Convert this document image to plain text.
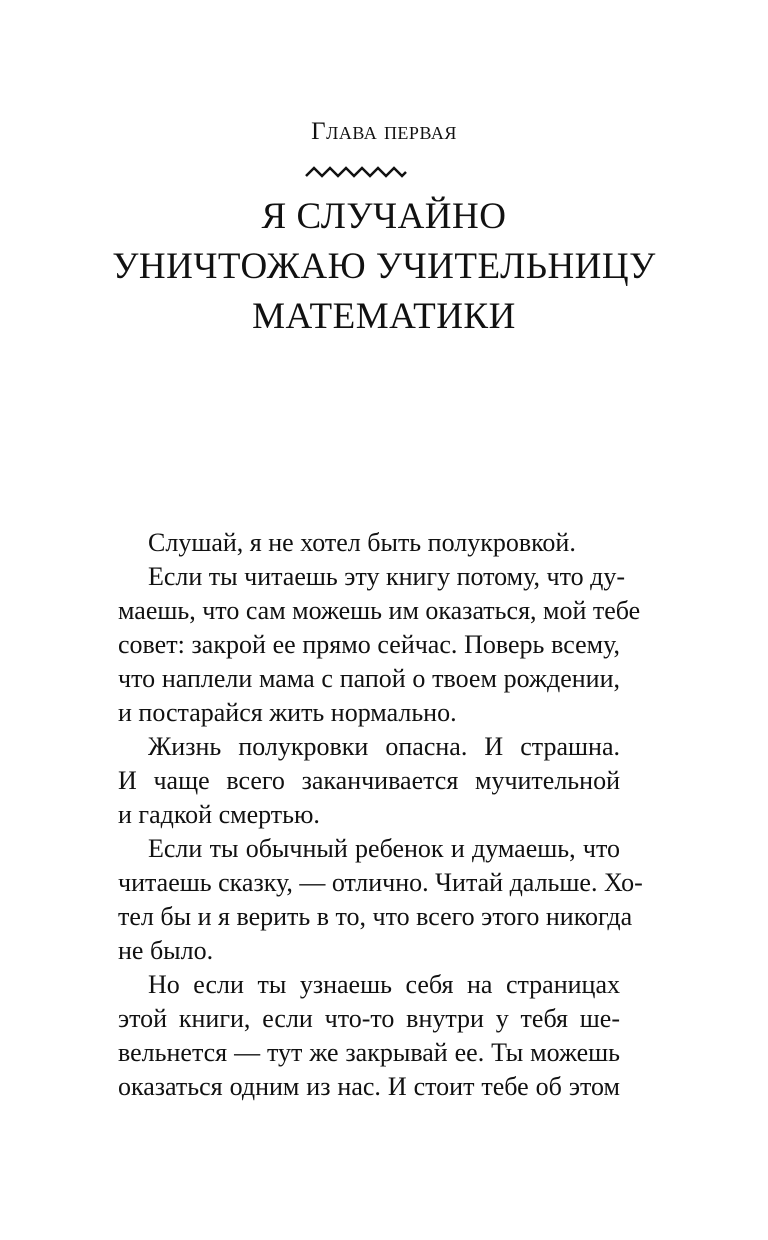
Глава первая
Я СЛУЧАЙНО
УНИЧТОЖАЮ УЧИТЕЛЬНИЦУ
МАТЕМАТИКИ
Слушай, я не хотел быть полукровкой.
Если ты читаешь эту книгу потому, что ду-
маешь, что сам можешь им оказаться, мой тебе
совет: закрой ее прямо сейчас. Поверь всему,
что наплели мама с папой о твоем рождении,
и постарайся жить нормально.
Жизнь полукровки опасна. И страшна.
И чаще всего заканчивается мучительной
и гадкой смертью.
Если ты обычный ребенок и думаешь, что
читаешь сказку, — отлично. Читай дальше. Хо-
тел бы и я верить в то, что всего этого никогда
не было.
Но если ты узнаешь себя на страницах
этой книги, если что-то внутри у тебя ше-
вельнется — тут же закрывай ее. Ты можешь
оказаться одним из нас. И стоит тебе об этом
